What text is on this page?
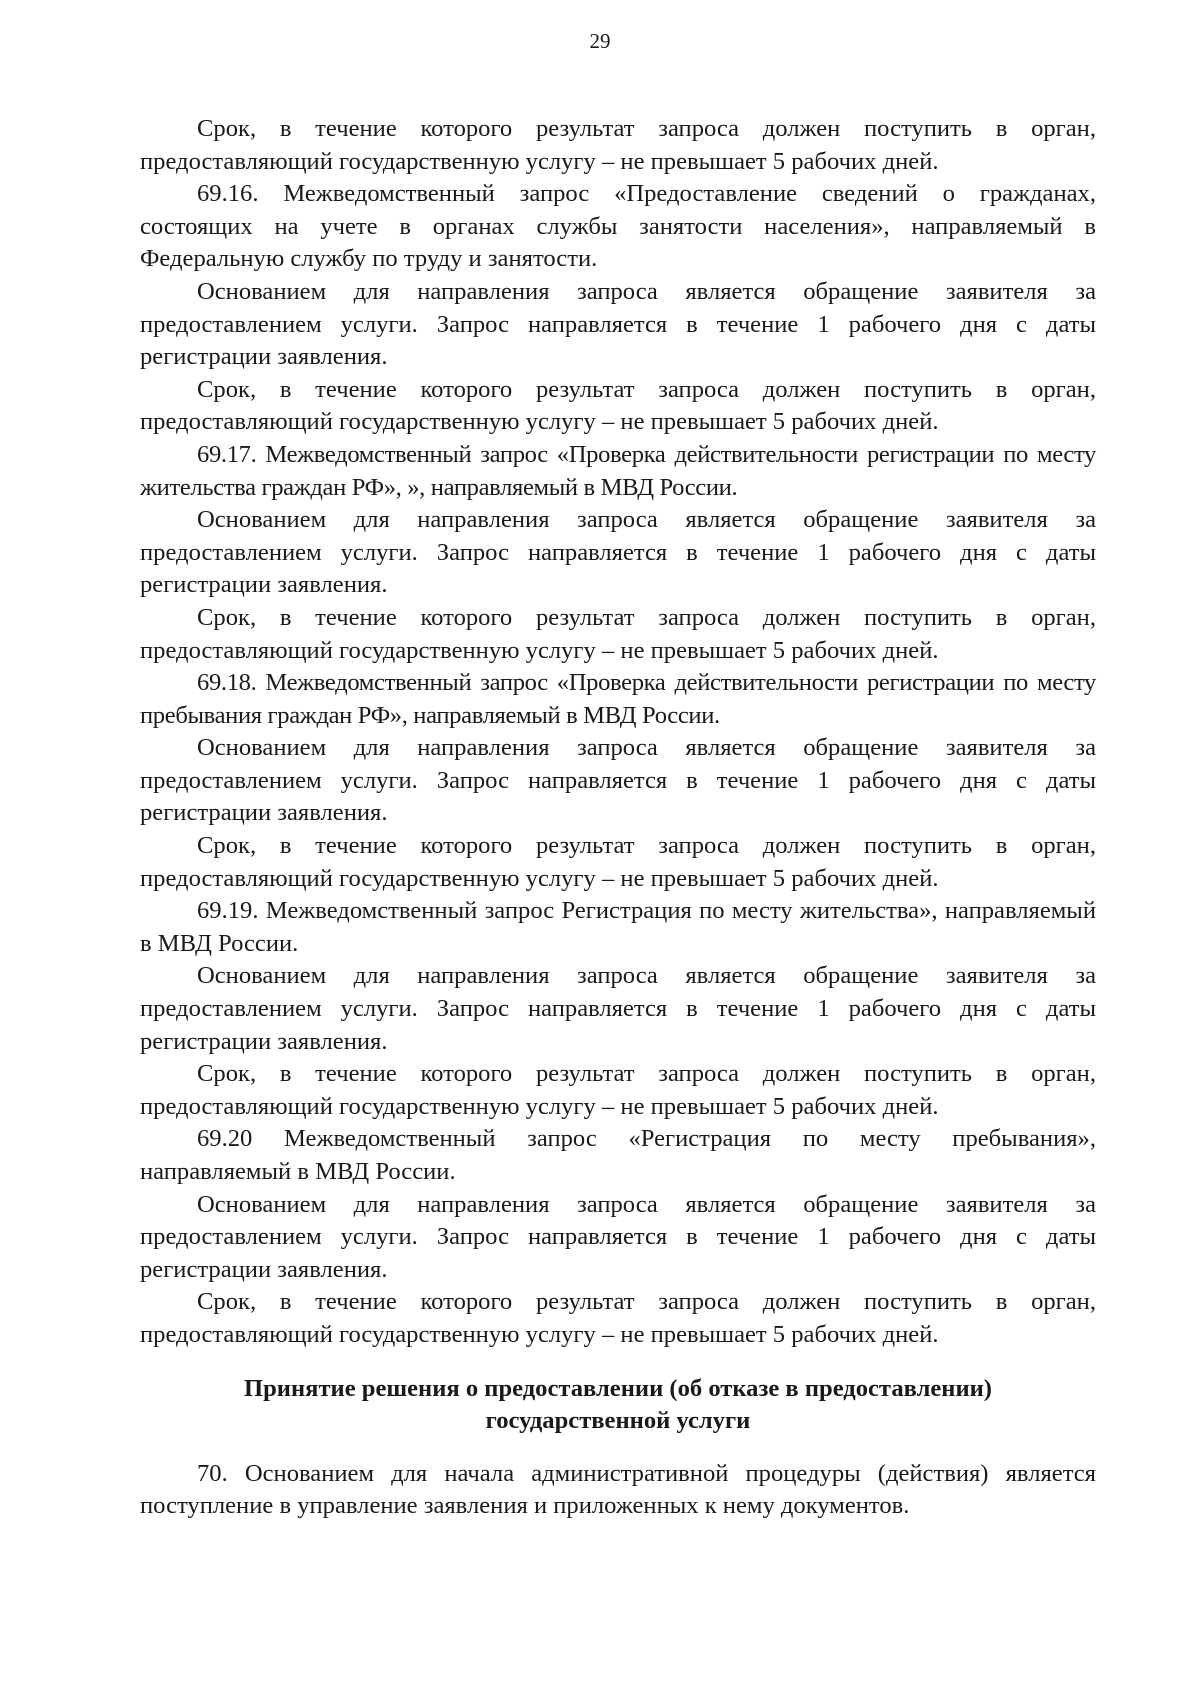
29

Срок, в течение которого результат запроса должен поступить в орган, предоставляющий государственную услугу – не превышает 5 рабочих дней.

69.16. Межведомственный запрос «Предоставление сведений о гражданах, состоящих на учете в органах службы занятости населения», направляемый в Федеральную службу по труду и занятости.

Основанием для направления запроса является обращение заявителя за предоставлением услуги. Запрос направляется в течение 1 рабочего дня с даты регистрации заявления.

Срок, в течение которого результат запроса должен поступить в орган, предоставляющий государственную услугу – не превышает 5 рабочих дней.

69.17. Межведомственный запрос «Проверка действительности регистрации по месту жительства граждан РФ», », направляемый в МВД России.

Основанием для направления запроса является обращение заявителя за предоставлением услуги. Запрос направляется в течение 1 рабочего дня с даты регистрации заявления.

Срок, в течение которого результат запроса должен поступить в орган, предоставляющий государственную услугу – не превышает 5 рабочих дней.

69.18. Межведомственный запрос «Проверка действительности регистрации по месту пребывания граждан РФ», направляемый в МВД России.

Основанием для направления запроса является обращение заявителя за предоставлением услуги. Запрос направляется в течение 1 рабочего дня с даты регистрации заявления.

Срок, в течение которого результат запроса должен поступить в орган, предоставляющий государственную услугу – не превышает 5 рабочих дней.

69.19. Межведомственный запрос Регистрация по месту жительства», направляемый в МВД России.

Основанием для направления запроса является обращение заявителя за предоставлением услуги. Запрос направляется в течение 1 рабочего дня с даты регистрации заявления.

Срок, в течение которого результат запроса должен поступить в орган, предоставляющий государственную услугу – не превышает 5 рабочих дней.

69.20 Межведомственный запрос «Регистрация по месту пребывания», направляемый в МВД России.

Основанием для направления запроса является обращение заявителя за предоставлением услуги. Запрос направляется в течение 1 рабочего дня с даты регистрации заявления.

Срок, в течение которого результат запроса должен поступить в орган, предоставляющий государственную услугу – не превышает 5 рабочих дней.

Принятие решения о предоставлении (об отказе в предоставлении)
государственной услуги

70. Основанием для начала административной процедуры (действия) является поступление в управление заявления и приложенных к нему документов.
